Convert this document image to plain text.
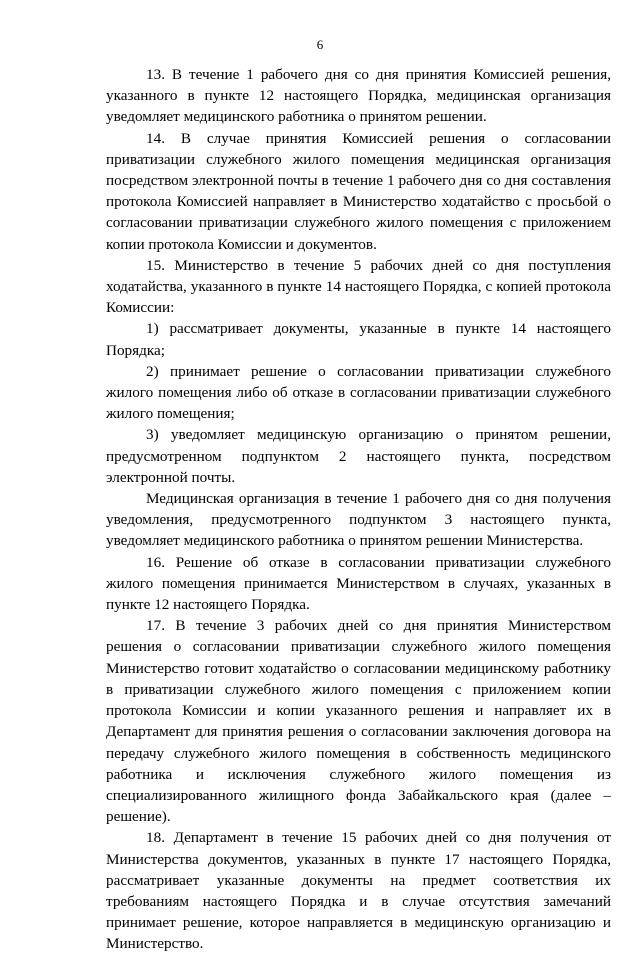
6

13. В течение 1 рабочего дня со дня принятия Комиссией решения, указанного в пункте 12 настоящего Порядка, медицинская организация уведомляет медицинского работника о принятом решении.

14. В случае принятия Комиссией решения о согласовании приватизации служебного жилого помещения медицинская организация посредством электронной почты в течение 1 рабочего дня со дня составления протокола Комиссией направляет в Министерство ходатайство с просьбой о согласовании приватизации служебного жилого помещения с приложением копии протокола Комиссии и документов.

15. Министерство в течение 5 рабочих дней со дня поступления ходатайства, указанного в пункте 14 настоящего Порядка, с копией протокола Комиссии:

1) рассматривает документы, указанные в пункте 14 настоящего Порядка;

2) принимает решение о согласовании приватизации служебного жилого помещения либо об отказе в согласовании приватизации служебного жилого помещения;

3) уведомляет медицинскую организацию о принятом решении, предусмотренном подпунктом 2 настоящего пункта, посредством электронной почты.

Медицинская организация в течение 1 рабочего дня со дня получения уведомления, предусмотренного подпунктом 3 настоящего пункта, уведомляет медицинского работника о принятом решении Министерства.

16. Решение об отказе в согласовании приватизации служебного жилого помещения принимается Министерством в случаях, указанных в пункте 12 настоящего Порядка.

17. В течение 3 рабочих дней со дня принятия Министерством решения о согласовании приватизации служебного жилого помещения Министерство готовит ходатайство о согласовании медицинскому работнику в приватизации служебного жилого помещения с приложением копии протокола Комиссии и копии указанного решения и направляет их в Департамент для принятия решения о согласовании заключения договора на передачу служебного жилого помещения в собственность медицинского работника и исключения служебного жилого помещения из специализированного жилищного фонда Забайкальского края (далее – решение).

18. Департамент в течение 15 рабочих дней со дня получения от Министерства документов, указанных в пункте 17 настоящего Порядка, рассматривает указанные документы на предмет соответствия их требованиям настоящего Порядка и в случае отсутствия замечаний принимает решение, которое направляется в медицинскую организацию и Министерство.
